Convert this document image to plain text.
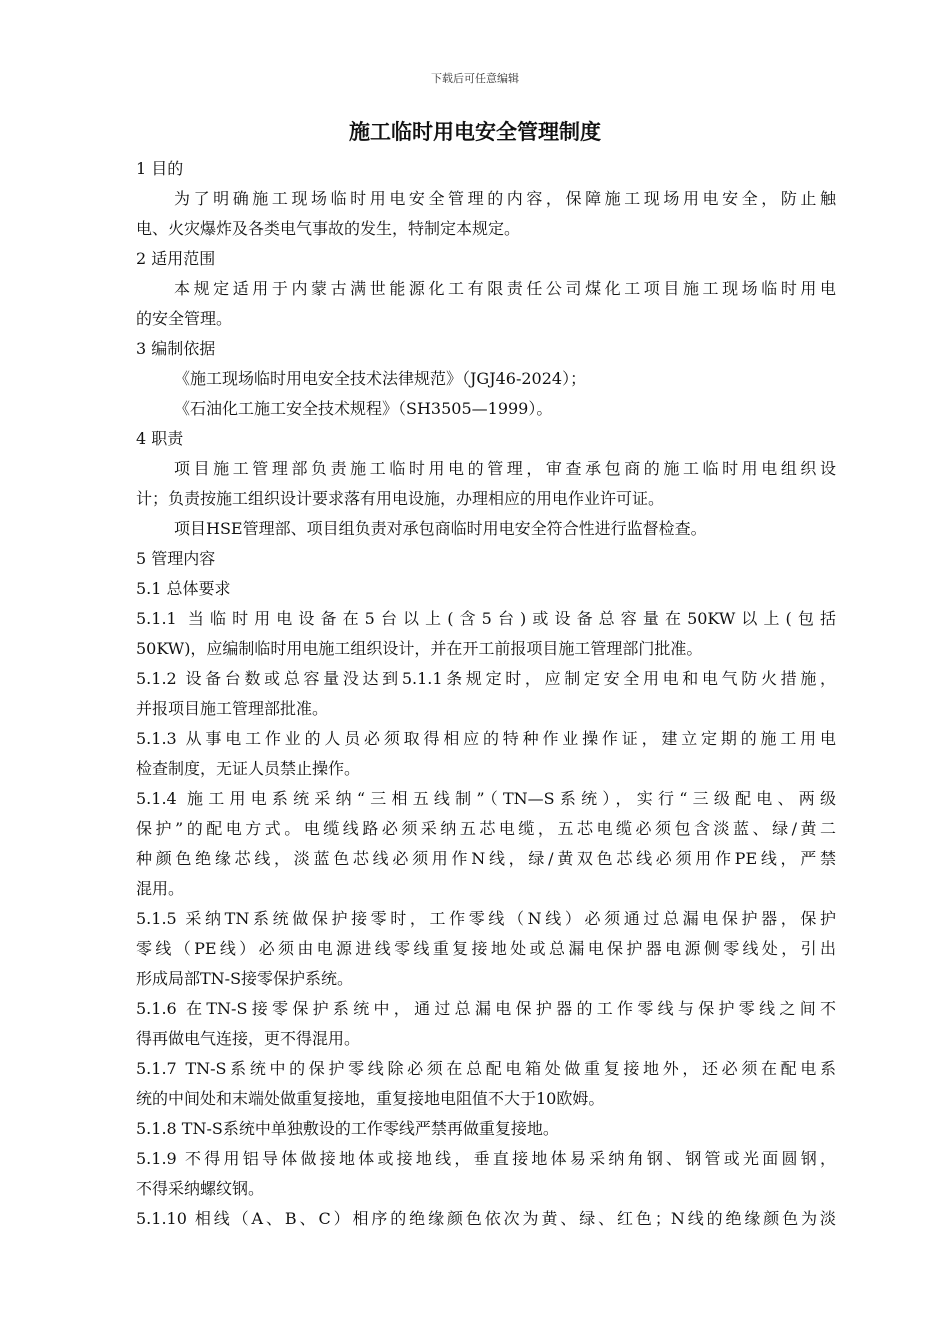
下载后可任意编辑
施工临时用电安全管理制度
1 目的
为了明确施工现场临时用电安全管理的内容，保障施工现场用电安全，防止触
电、火灾爆炸及各类电气事故的发生，特制定本规定。
2 适用范围
本规定适用于内蒙古满世能源化工有限责任公司煤化工项目施工现场临时用电
的安全管理。
3 编制依据
《施工现场临时用电安全技术法律规范》（JGJ46-2024）；
《石油化工施工安全技术规程》（SH3505—1999）。
4 职责
项目施工管理部负责施工临时用电的管理，审查承包商的施工临时用电组织设
计；负责按施工组织设计要求落有用电设施，办理相应的用电作业许可证。
项目HSE管理部、项目组负责对承包商临时用电安全符合性进行监督检查。
5 管理内容
5.1 总体要求
5.1.1 当临时用电设备在5台以上(含5台)或设备总容量在50KW以上(包括
50KW)，应编制临时用电施工组织设计，并在开工前报项目施工管理部门批准。
5.1.2 设备台数或总容量没达到5.1.1条规定时，应制定安全用电和电气防火措施，
并报项目施工管理部批准。
5.1.3 从事电工作业的人员必须取得相应的特种作业操作证，建立定期的施工用电
检查制度，无证人员禁止操作。
5.1.4 施工用电系统采纳“三相五线制”（TN—S系统），实行“三级配电、两级
保护”的配电方式。电缆线路必须采纳五芯电缆，五芯电缆必须包含淡蓝、绿/黄二
种颜色绝缘芯线，淡蓝色芯线必须用作N线，绿/黄双色芯线必须用作PE线，严禁
混用。
5.1.5 采纳TN系统做保护接零时，工作零线（N线）必须通过总漏电保护器，保护
零线（PE线）必须由电源进线零线重复接地处或总漏电保护器电源侧零线处，引出
形成局部TN-S接零保护系统。
5.1.6 在TN-S接零保护系统中，通过总漏电保护器的工作零线与保护零线之间不
得再做电气连接，更不得混用。
5.1.7 TN-S系统中的保护零线除必须在总配电箱处做重复接地外，还必须在配电系
统的中间处和末端处做重复接地，重复接地电阻值不大于10欧姆。
5.1.8 TN-S系统中单独敷设的工作零线严禁再做重复接地。
5.1.9 不得用铝导体做接地体或接地线，垂直接地体易采纳角钢、钢管或光面圆钢，
不得采纳螺纹钢。
5.1.10 相线（A、B、C）相序的绝缘颜色依次为黄、绿、红色；N线的绝缘颜色为淡
